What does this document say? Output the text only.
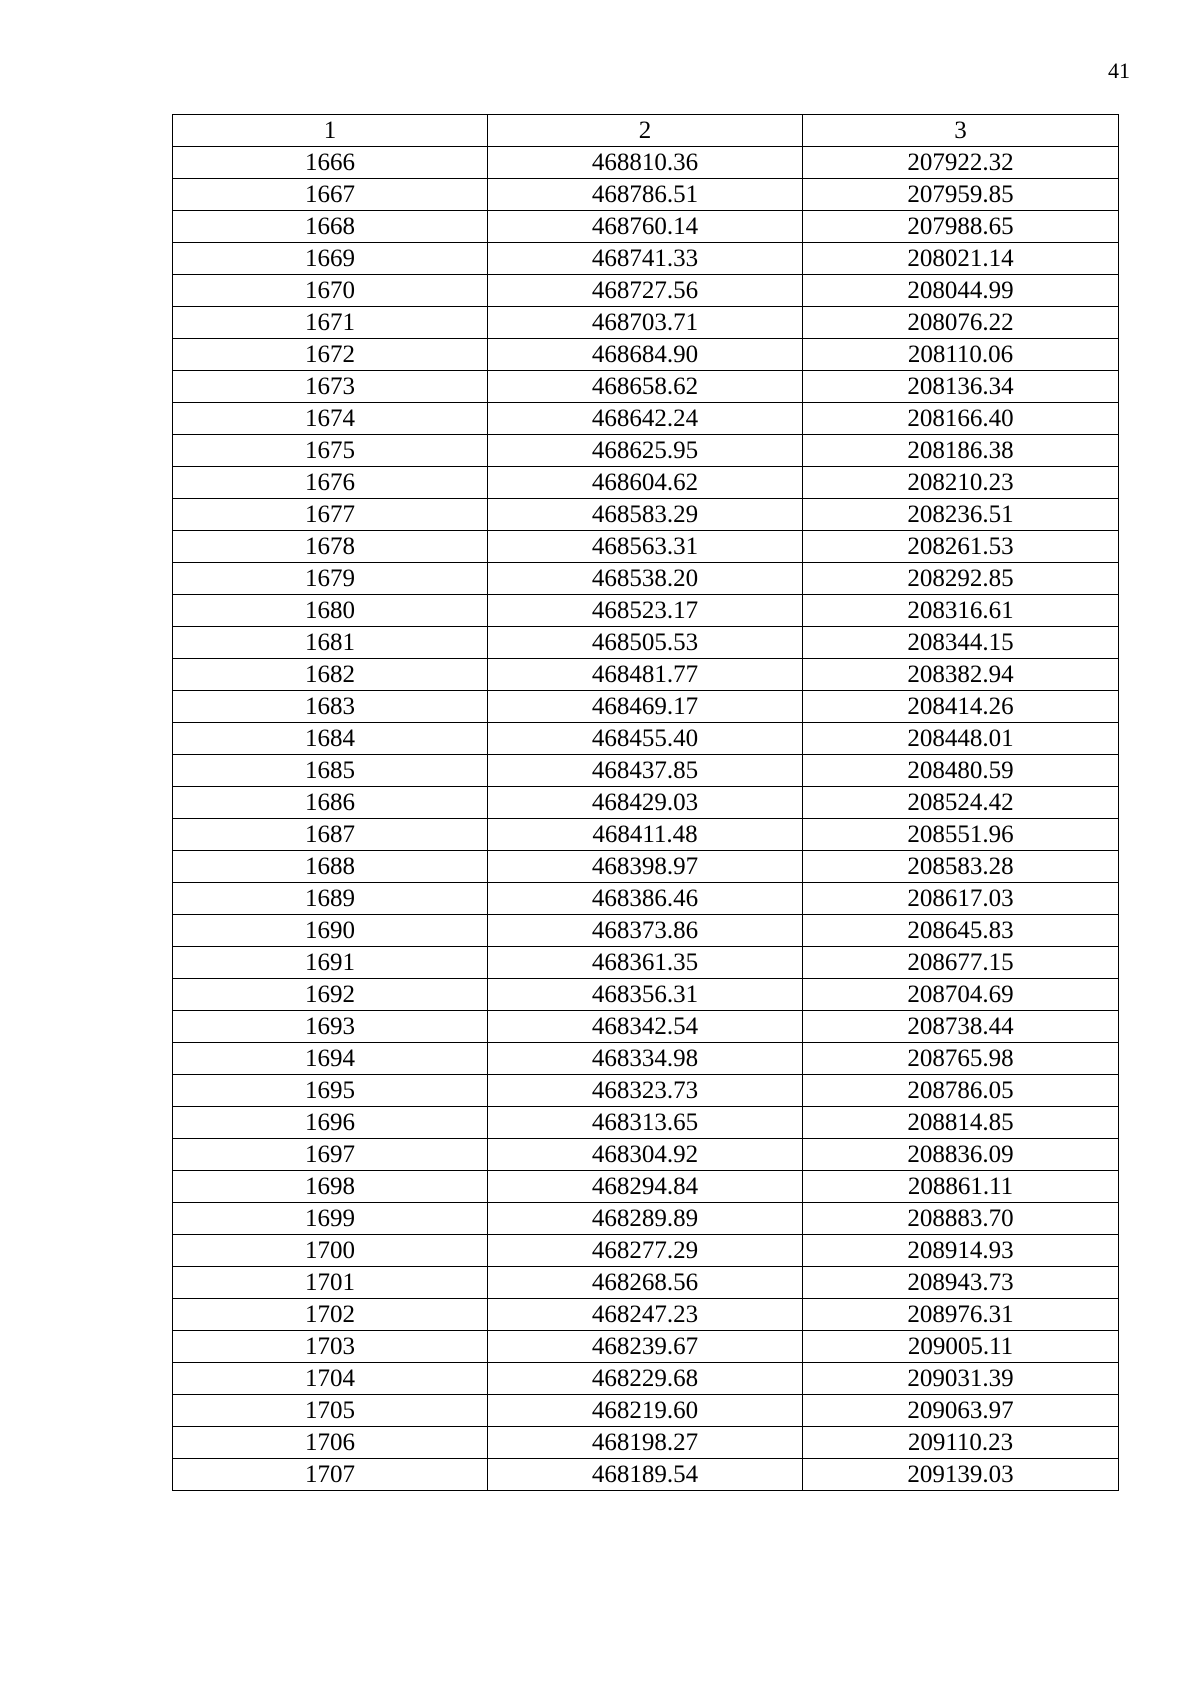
41
1	2	3
1666	468810.36	207922.32
1667	468786.51	207959.85
1668	468760.14	207988.65
1669	468741.33	208021.14
1670	468727.56	208044.99
1671	468703.71	208076.22
1672	468684.90	208110.06
1673	468658.62	208136.34
1674	468642.24	208166.40
1675	468625.95	208186.38
1676	468604.62	208210.23
1677	468583.29	208236.51
1678	468563.31	208261.53
1679	468538.20	208292.85
1680	468523.17	208316.61
1681	468505.53	208344.15
1682	468481.77	208382.94
1683	468469.17	208414.26
1684	468455.40	208448.01
1685	468437.85	208480.59
1686	468429.03	208524.42
1687	468411.48	208551.96
1688	468398.97	208583.28
1689	468386.46	208617.03
1690	468373.86	208645.83
1691	468361.35	208677.15
1692	468356.31	208704.69
1693	468342.54	208738.44
1694	468334.98	208765.98
1695	468323.73	208786.05
1696	468313.65	208814.85
1697	468304.92	208836.09
1698	468294.84	208861.11
1699	468289.89	208883.70
1700	468277.29	208914.93
1701	468268.56	208943.73
1702	468247.23	208976.31
1703	468239.67	209005.11
1704	468229.68	209031.39
1705	468219.60	209063.97
1706	468198.27	209110.23
1707	468189.54	209139.03
